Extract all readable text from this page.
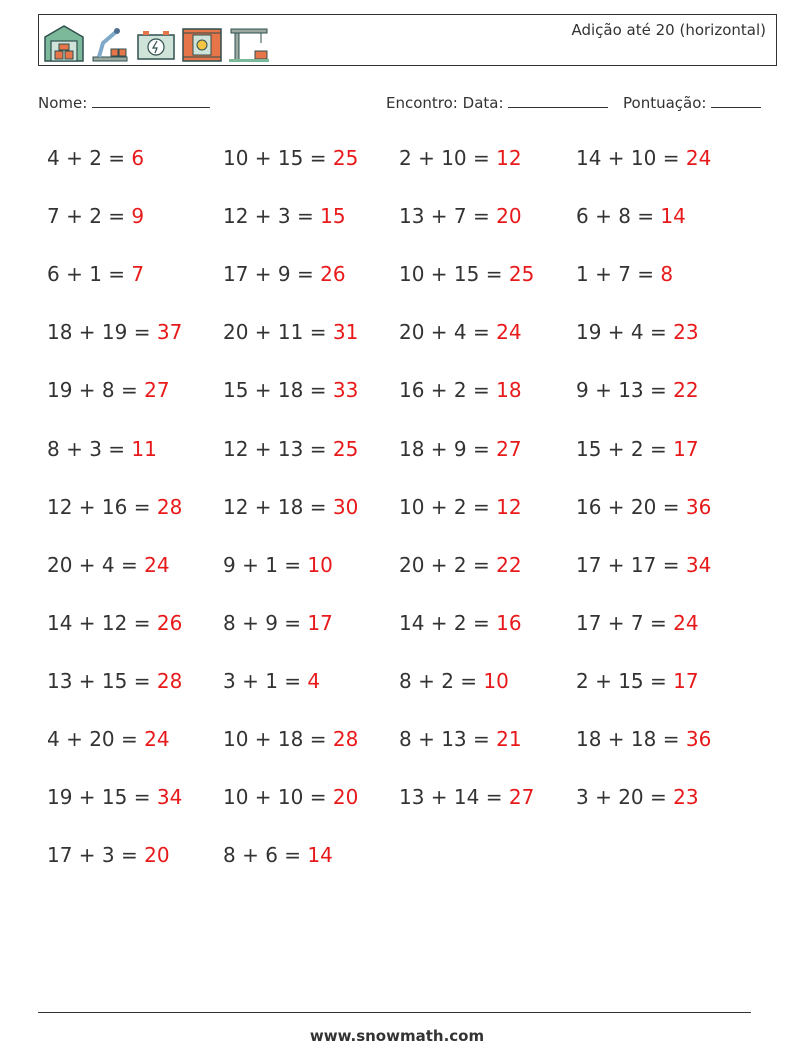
Adição até 20 (horizontal)
Nome:	Encontro: Data:	Pontuação:
4 + 2 = 6	10 + 15 = 25 2 + 10 = 12	14 + 10 = 24
7 + 2 = 9	12 + 3 = 15	13 + 7 = 20	6 + 8 = 14
6 + 1 = 7	17 + 9 = 26	10 + 15 = 25 1 + 7 = 8
18 + 19 = 37 20 + 11 = 31 20 + 4 = 24	19 + 4 = 23
19 + 8 = 27	15 + 18 = 33 16 + 2 = 18	9 + 13 = 22
8 + 3 = 11	12 + 13 = 25 18 + 9 = 27	15 + 2 = 17
12 + 16 = 28 12 + 18 = 30 10 + 2 = 12	16 + 20 = 36
20 + 4 = 24	9 + 1 = 10	20 + 2 = 22	17 + 17 = 34
14 + 12 = 26 8 + 9 = 17	14 + 2 = 16	17 + 7 = 24
13 + 15 = 28 3 + 1 = 4	8 + 2 = 10	2 + 15 = 17
4 + 20 = 24	10 + 18 = 28 8 + 13 = 21	18 + 18 = 36
19 + 15 = 34 10 + 10 = 20 13 + 14 = 27 3 + 20 = 23
17 + 3 = 20	8 + 6 = 14
www.snowmath.com
